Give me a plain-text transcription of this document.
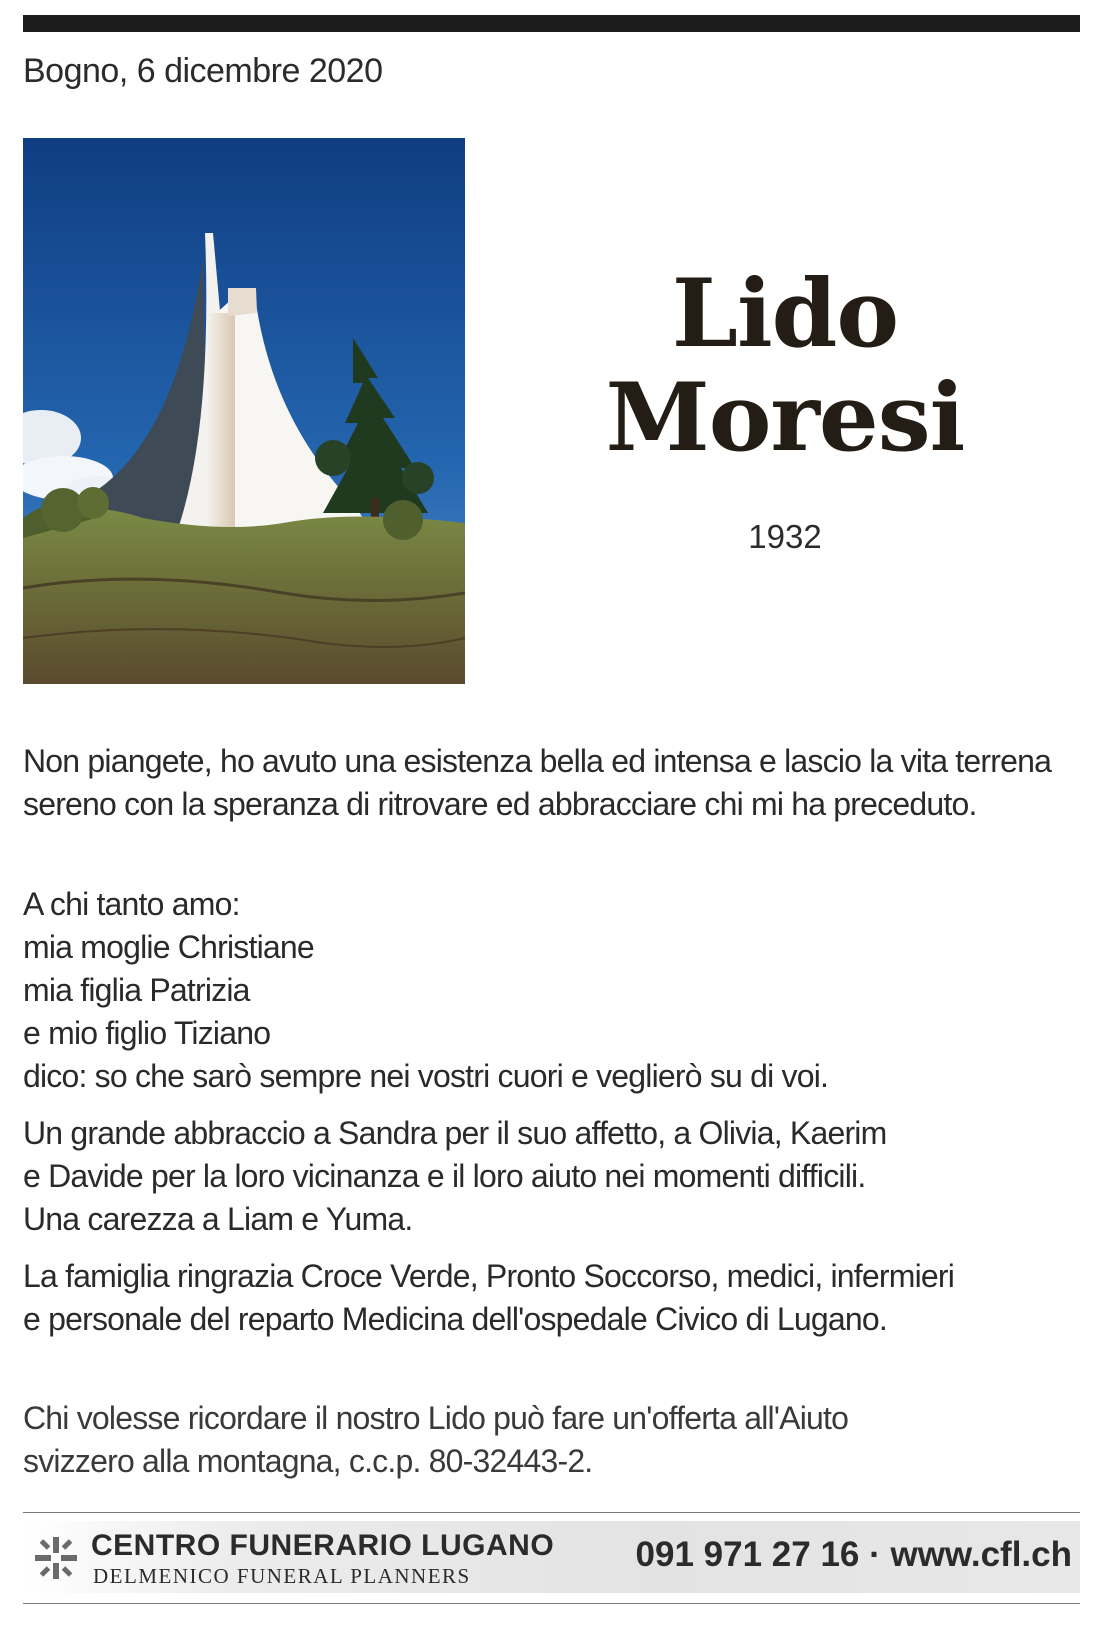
Bogno, 6 dicembre 2020
Lido
Moresi
1932
Non piangete, ho avuto una esistenza bella ed intensa e lascio la vita terrena sereno con la speranza di ritrovare ed abbracciare chi mi ha preceduto.
A chi tanto amo:
mia moglie Christiane
mia figlia Patrizia
e mio figlio Tiziano
dico: so che sarò sempre nei vostri cuori e veglierò su di voi.
Un grande abbraccio a Sandra per il suo affetto, a Olivia, Kaerim
e Davide per la loro vicinanza e il loro aiuto nei momenti difficili.
Una carezza a Liam e Yuma.
La famiglia ringrazia Croce Verde, Pronto Soccorso, medici, infermieri
e personale del reparto Medicina dell'ospedale Civico di Lugano.
Chi volesse ricordare il nostro Lido può fare un'offerta all'Aiuto
svizzero alla montagna, c.c.p. 80-32443-2.
CENTRO FUNERARIO LUGANO
DELMENICO FUNERAL PLANNERS
091 971 27 16 · www.cfl.ch
